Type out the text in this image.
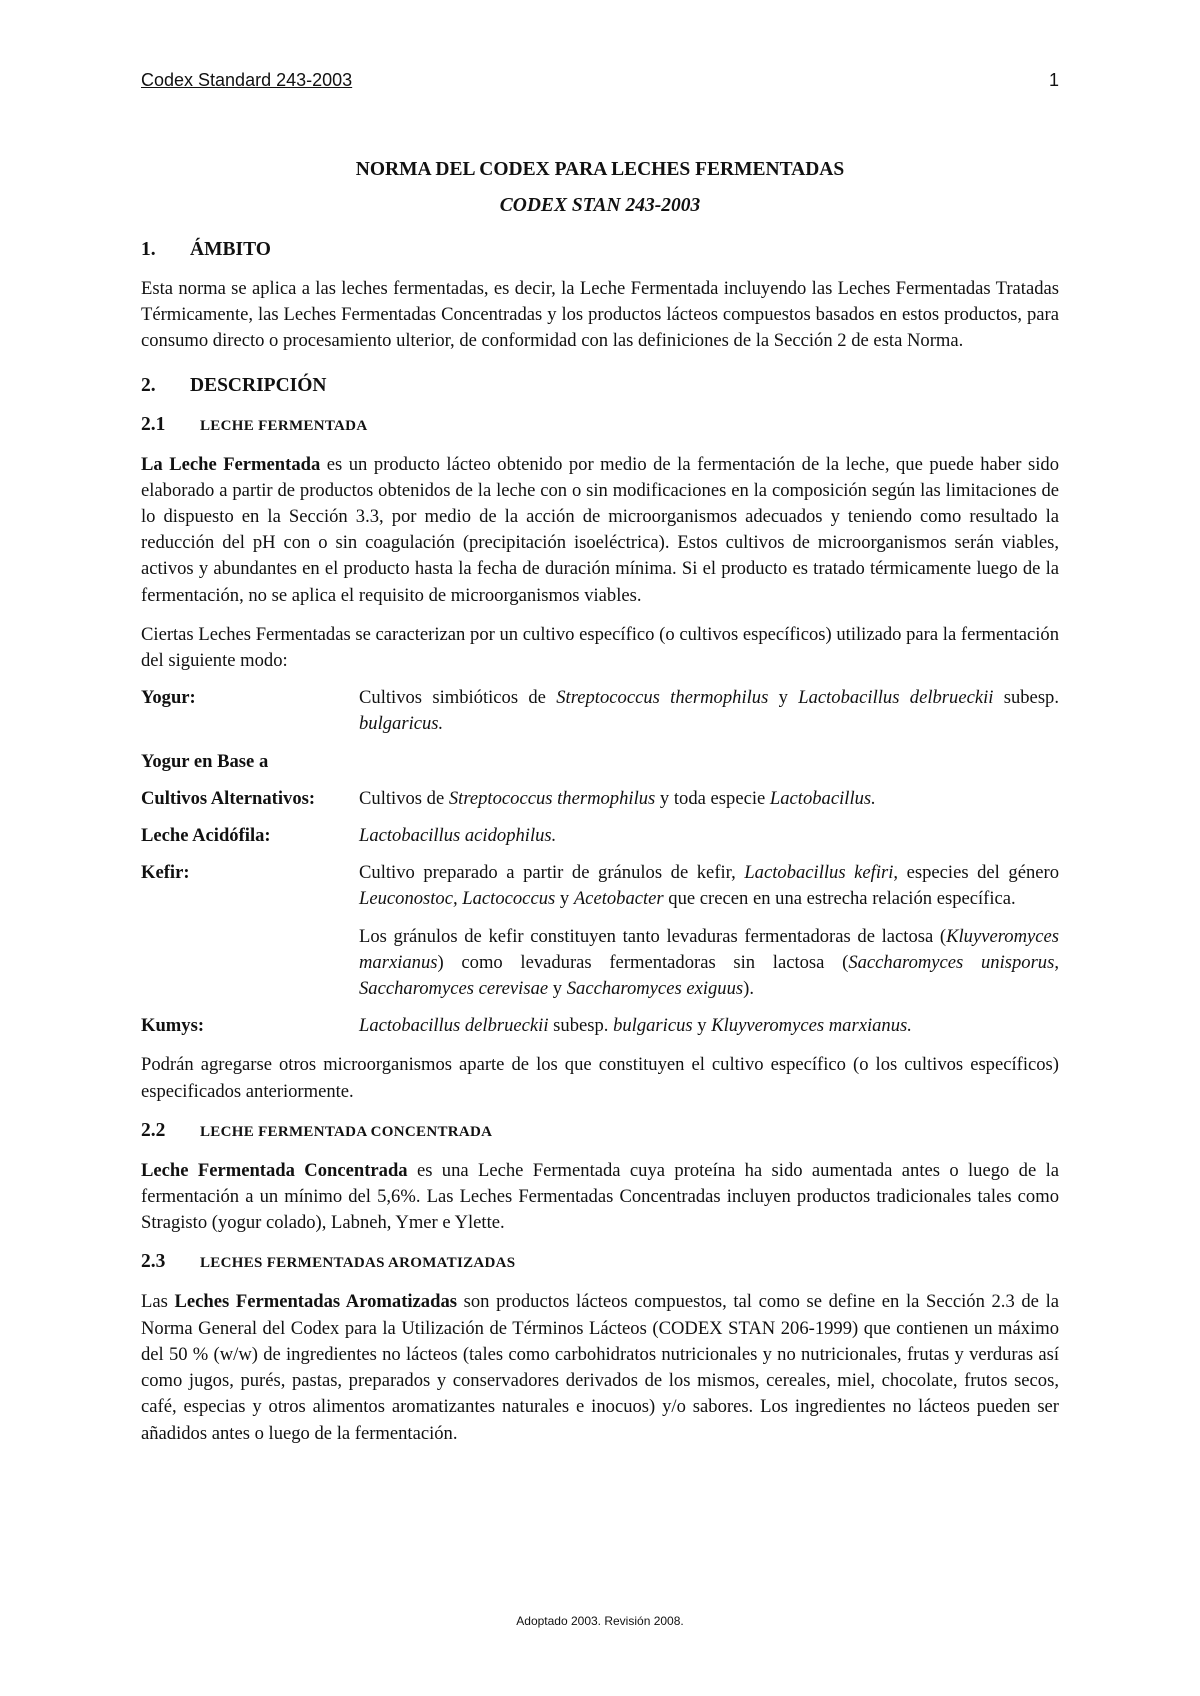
Codex Standard 243-2003	1
NORMA DEL CODEX PARA LECHES FERMENTADAS
CODEX STAN 243-2003
1.	ÁMBITO

Esta norma se aplica a las leches fermentadas, es decir, la Leche Fermentada incluyendo las Leches Fermentadas Tratadas Térmicamente, las Leches Fermentadas Concentradas y los productos lácteos compuestos basados en estos productos, para consumo directo o procesamiento ulterior, de conformidad con las definiciones de la Sección 2 de esta Norma.

2.	DESCRIPCIÓN
2.1	LECHE FERMENTADA

La Leche Fermentada es un producto lácteo obtenido por medio de la fermentación de la leche, que puede haber sido elaborado a partir de productos obtenidos de la leche con o sin modificaciones en la composición según las limitaciones de lo dispuesto en la Sección 3.3, por medio de la acción de microorganismos adecuados y teniendo como resultado la reducción del pH con o sin coagulación (precipitación isoeléctrica). Estos cultivos de microorganismos serán viables, activos y abundantes en el producto hasta la fecha de duración mínima. Si el producto es tratado térmicamente luego de la fermentación, no se aplica el requisito de microorganismos viables.

Ciertas Leches Fermentadas se caracterizan por un cultivo específico (o cultivos específicos) utilizado para la fermentación del siguiente modo:

Yogur:	Cultivos simbióticos de Streptococcus thermophilus y Lactobacillus delbrueckii subesp. bulgaricus.
Yogur en Base a
Cultivos Alternativos:	Cultivos de Streptococcus thermophilus y toda especie Lactobacillus.
Leche Acidófila:	Lactobacillus acidophilus.
Kefir:	Cultivo preparado a partir de gránulos de kefir, Lactobacillus kefiri, especies del género Leuconostoc, Lactococcus y Acetobacter que crecen en una estrecha relación específica.
Los gránulos de kefir constituyen tanto levaduras fermentadoras de lactosa (Kluyveromyces marxianus) como levaduras fermentadoras sin lactosa (Saccharomyces unisporus, Saccharomyces cerevisae y Saccharomyces exiguus).
Kumys:	Lactobacillus delbrueckii subesp. bulgaricus y Kluyveromyces marxianus.

Podrán agregarse otros microorganismos aparte de los que constituyen el cultivo específico (o los cultivos específicos) especificados anteriormente.

2.2	LECHE FERMENTADA CONCENTRADA

Leche Fermentada Concentrada es una Leche Fermentada cuya proteína ha sido aumentada antes o luego de la fermentación a un mínimo del 5,6%. Las Leches Fermentadas Concentradas incluyen productos tradicionales tales como Stragisto (yogur colado), Labneh, Ymer e Ylette.

2.3	LECHES FERMENTADAS AROMATIZADAS

Las Leches Fermentadas Aromatizadas son productos lácteos compuestos, tal como se define en la Sección 2.3 de la Norma General del Codex para la Utilización de Términos Lácteos (CODEX STAN 206-1999) que contienen un máximo del 50 % (w/w) de ingredientes no lácteos (tales como carbohidratos nutricionales y no nutricionales, frutas y verduras así como jugos, purés, pastas, preparados y conservadores derivados de los mismos, cereales, miel, chocolate, frutos secos, café, especias y otros alimentos aromatizantes naturales e inocuos) y/o sabores. Los ingredientes no lácteos pueden ser añadidos antes o luego de la fermentación.

Adoptado 2003. Revisión 2008.
